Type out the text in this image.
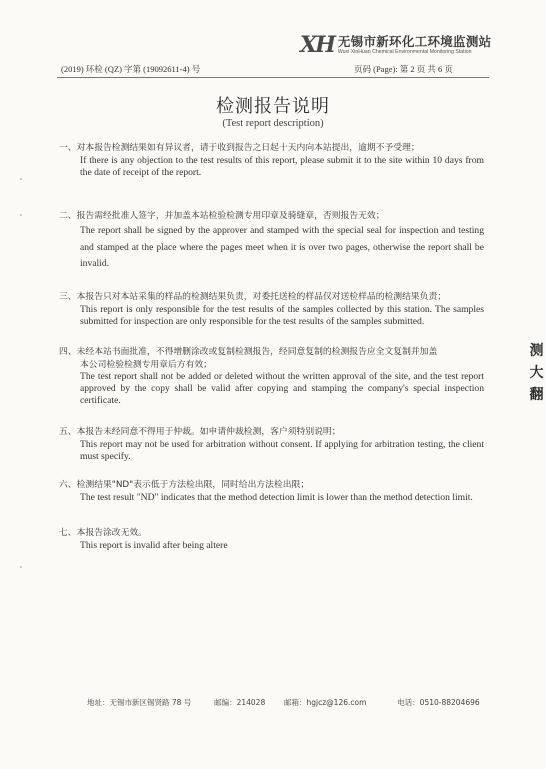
XH 无锡市新环化工环境监测站
Wuxi XinHuan Chemical Environmental Monitoring Station
(2019) 环检 (QZ) 字第 (19092611-4) 号	页码 (Page): 第 2 页 共 6 页
检测报告说明
(Test report description)
一、对本报告检测结果如有异议者，请于收到报告之日起十天内向本站提出，逾期不予受理；
If there is any objection to the test results of this report, please submit it to the site within 10 days from the date of receipt of the report.
二、报告需经批准人签字，并加盖本站检验检测专用印章及骑缝章，否则报告无效；
The report shall be signed by the approver and stamped with the special seal for inspection and testing and stamped at the place where the pages meet when it is over two pages, otherwise the report shall be invalid.
三、本报告只对本站采集的样品的检测结果负责，对委托送检的样品仅对送检样品的检测结果负责；
This report is only responsible for the test results of the samples collected by this station. The samples submitted for inspection are only responsible for the test results of the samples submitted.
四、未经本站书面批准，不得增删涂改或复制检测报告，经同意复制的检测报告应全文复制并加盖
本公司检验检测专用章后方有效；
The test report shall not be added or deleted without the written approval of the site, and the test report approved by the copy shall be valid after copying and stamping the company's special inspection certificate.
五、本报告未经同意不得用于仲裁。如申请仲裁检测，客户须特别说明；
This report may not be used for arbitration without consent. If applying for arbitration testing, the client must specify.
六、检测结果"ND"表示低于方法检出限，同时给出方法检出限；
The test result "ND" indicates that the method detection limit is lower than the method detection limit.
七、本报告涂改无效。
This report is invalid after being altere
地址：无锡市新区锡贤路 78 号	邮编：214028	邮箱：hgjcz@126.com	电话：0510-88204696
测
大
翻
